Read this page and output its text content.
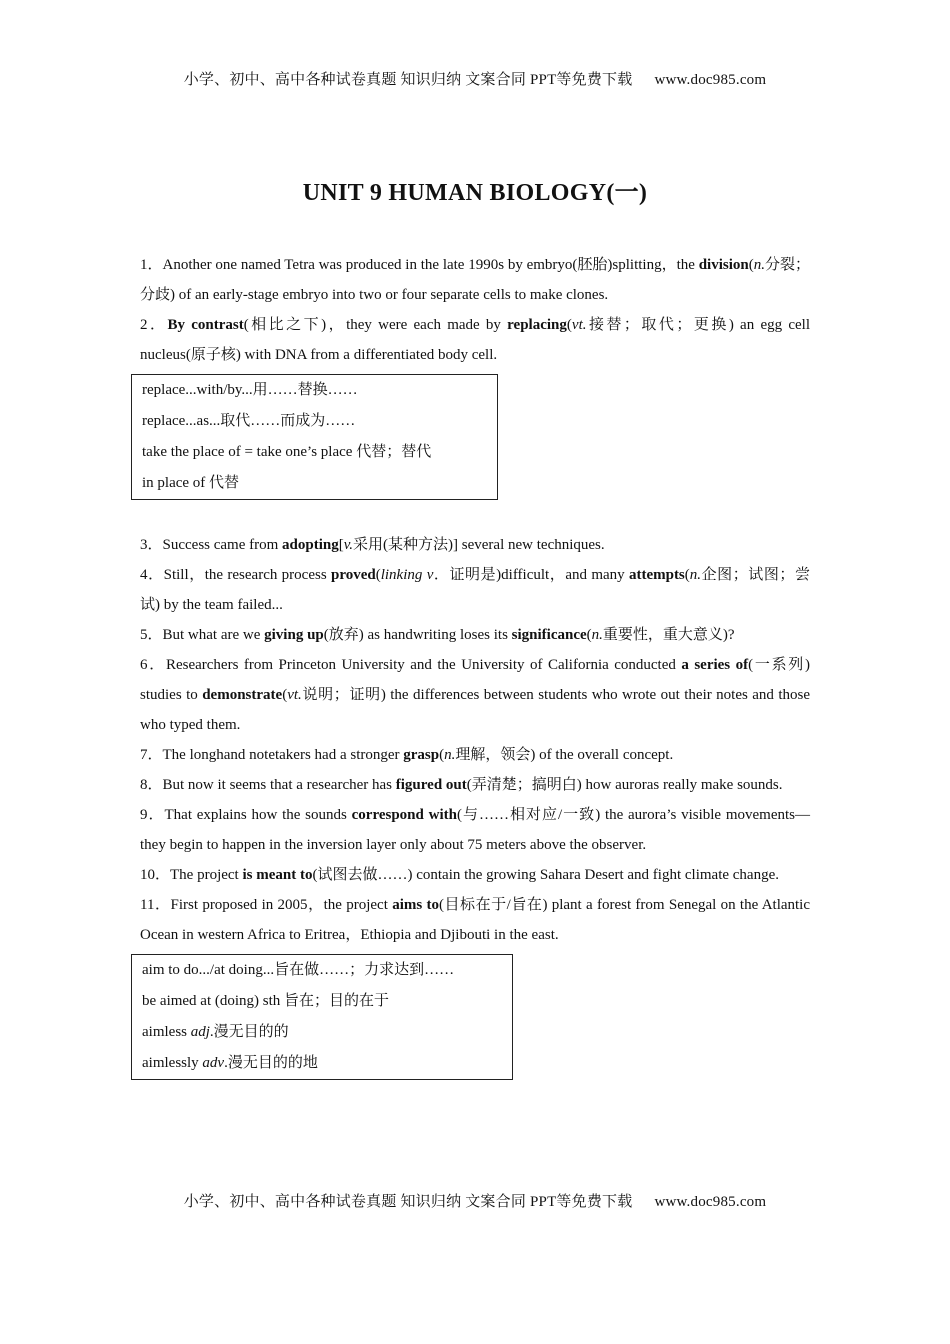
小学、初中、高中各种试卷真题 知识归纳 文案合同 PPT等免费下载 www.doc985.com
UNIT 9 HUMAN BIOLOGY(一)

1．Another one named Tetra was produced in the late 1990s by embryo(胚胎)splitting，the division(n.分裂；分歧) of an early-stage embryo into two or four separate cells to make clones.

2．By contrast(相比之下)，they were each made by replacing(vt.接替；取代；更换) an egg cell nucleus(原子核) with DNA from a differentiated body cell.

replace...with/by...用……替换……

replace...as...取代……而成为……

take the place of = take one’s place 代替；替代

in place of 代替

3．Success came from adopting[v.采用(某种方法)] several new techniques.

4．Still，the research process proved(linking v．证明是)difficult，and many attempts(n.企图；试图；尝试) by the team failed...

5．But what are we giving up(放弃) as handwriting loses its significance(n.重要性，重大意义)?

6．Researchers from Princeton University and the University of California conducted a series of(一系列) studies to demonstrate(vt.说明；证明) the differences between students who wrote out their notes and those who typed them.

7．The longhand notetakers had a stronger grasp(n.理解，领会) of the overall concept.

8．But now it seems that a researcher has figured out(弄清楚；搞明白) how auroras really make sounds.

9．That explains how the sounds correspond with(与……相对应/一致) the aurora’s visible movements—they begin to happen in the inversion layer only about 75 meters above the observer.

10．The project is meant to(试图去做……) contain the growing Sahara Desert and fight climate change.

11．First proposed in 2005，the project aims to(目标在于/旨在) plant a forest from Senegal on the Atlantic Ocean in western Africa to Eritrea，Ethiopia and Djibouti in the east.

aim to do.../at doing...旨在做……；力求达到……

be aimed at (doing) sth 旨在；目的在于

aimless adj.漫无目的的

aimlessly adv.漫无目的的地

小学、初中、高中各种试卷真题 知识归纳 文案合同 PPT等免费下载 www.doc985.com
